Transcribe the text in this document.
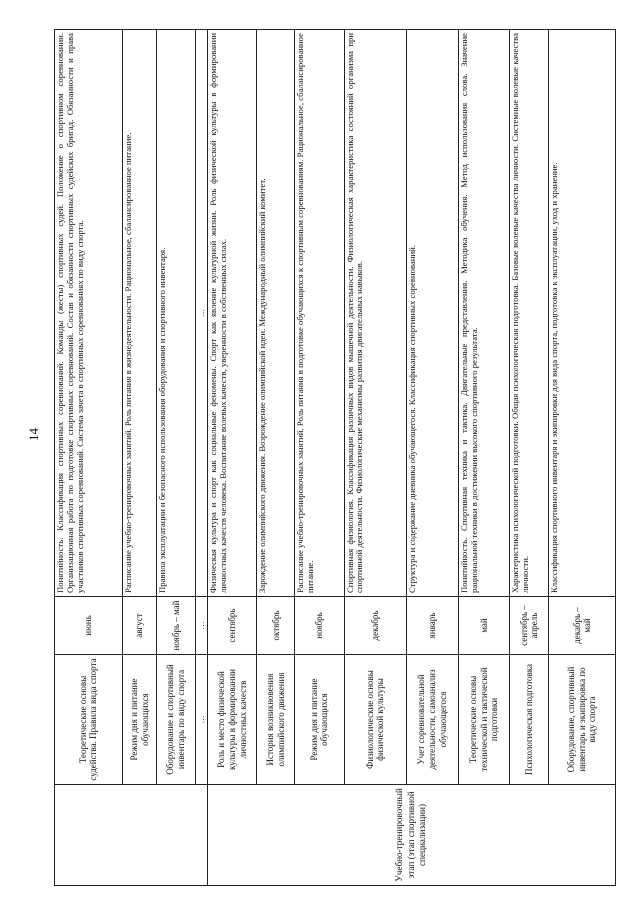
14
	Теоретические основы судейства. Правила вида спорта	июнь	Понятийность. Классификация спортивных соревнований. Команды (жесты) спортивных судей. Положение о спортивном соревновании. Организационная работа по подготовке спортивных соревнований. Состав и обязанности спортивных судейских бригад. Обязанности и права участников спортивных соревнований. Система зачета в спортивных соревнованиях по виду спорта.
	Режим дня и питание обучающихся	август	Расписание учебно-тренировочных занятий. Роль питания в жизнедеятельности. Рациональное, сбалансированное питание.
	Оборудование и спортивный инвентарь по виду спорта	ноябрь – май	Правила эксплуатации и безопасного использования оборудования и спортивного инвентаря.
	…	…	…
Учебно-тренировочный этап (этап спортивной специализации)	Роль и место физической культуры в формировании личностных качеств	сентябрь	Физическая культура и спорт как социальные феномены. Спорт как явление культурной жизни. Роль физической культуры в формировании личностных качеств человека. Воспитание волевых качеств, уверенности в собственных силах.
	История возникновения олимпийского движения	октябрь	Зарождение олимпийского движения. Возрождение олимпийской идеи. Международный олимпийский комитет.
	Режим дня и питание обучающихся	ноябрь	Расписание учебно-тренировочных занятий. Роль питания в подготовке обучающихся к спортивным соревнованиям. Рациональное, сбалансированное питание.
	Физиологические основы физической культуры	декабрь	Спортивная физиология. Классификация различных видов мышечной деятельности. Физиологическая характеристика состояний организма при спортивной деятельности. Физиологические механизмы развития двигательных навыков.
	Учет соревновательной деятельности, самоанализ обучающегося	январь	Структура и содержание дневника обучающегося. Классификация спортивных соревнований.
	Теоретические основы технической и тактической подготовки	май	Понятийность. Спортивная техника и тактика. Двигательные представления. Методика обучения. Метод использования слова. Значение рациональной техники в достижении высокого спортивного результата.
	Психологическая подготовка	сентябрь – апрель	Характеристика психологической подготовки. Общая психологическая подготовка. Базовые волевые качества личности. Системные волевые качества личности.
	Оборудование, спортивный инвентарь и экипировка по виду спорта	декабрь – май	Классификация спортивного инвентаря и экипировки для вида спорта, подготовка к эксплуатации, уход и хранение.
